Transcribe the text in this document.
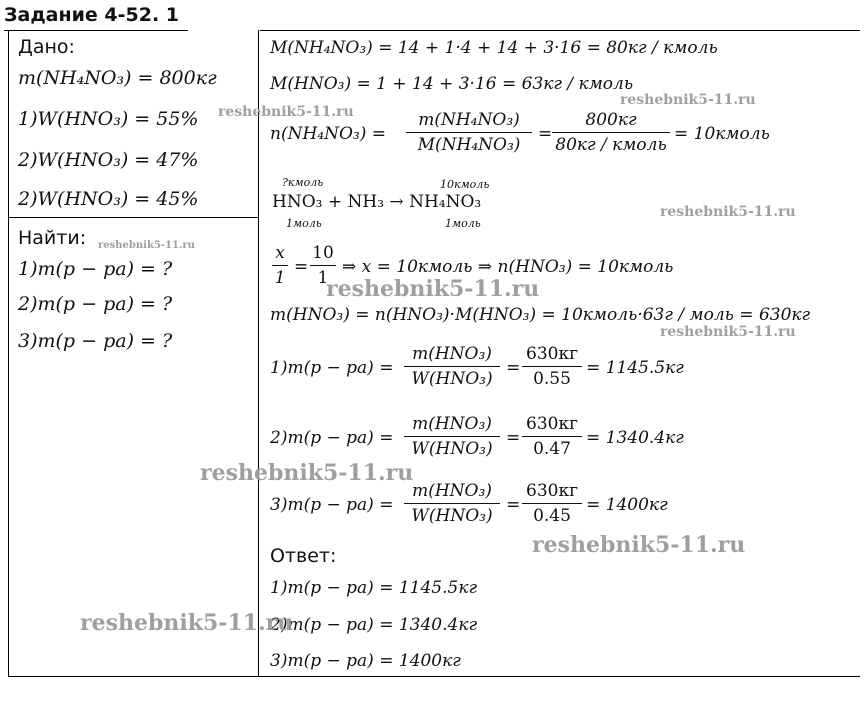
Задание 4-52. 1
Дано:
m(NH₄NO₃) = 800кг
1)W(HNO₃) = 55%
2)W(HNO₃) = 47%
2)W(HNO₃) = 45%
Найти:
1)m(p − pa) = ?
2)m(p − pa) = ?
3)m(p − pa) = ?
M(NH₄NO₃) = 14 + 1·4 + 14 + 3·16 = 80кг / кмоль
M(HNO₃) = 1 + 14 + 3·16 = 63кг / кмоль
n(NH₄NO₃) =
m(NH₄NO₃)
M(NH₄NO₃)
=
800кг
80кг / кмоль
= 10кмоль
?кмоль	10кмоль
HNO₃ + NH₃ → NH₄NO₃
1моль	1моль
x
1
=
10
1
⇒ x = 10кмоль ⇒ n(HNO₃) = 10кмоль
m(HNO₃) = n(HNO₃)·M(HNO₃) = 10кмоль·63г / моль = 630кг
1)m(p − pa) =
m(HNO₃)
W(HNO₃)
=
630кг
0.55
= 1145.5кг
2)m(p − pa) =
m(HNO₃)
W(HNO₃)
=
630кг
0.47
= 1340.4кг
3)m(p − pa) =
m(HNO₃)
W(HNO₃)
=
630кг
0.45
= 1400кг
Ответ:
1)m(p − pa) = 1145.5кг
2)m(p − pa) = 1340.4кг
3)m(p − pa) = 1400кг
reshebnik5-11.ru
reshebnik5-11.ru
reshebnik5-11.ru
reshebnik5-11.ru
reshebnik5-11.ru
reshebnik5-11.ru
reshebnik5-11.ru
reshebnik5-11.ru
reshebnik5-11.ru
